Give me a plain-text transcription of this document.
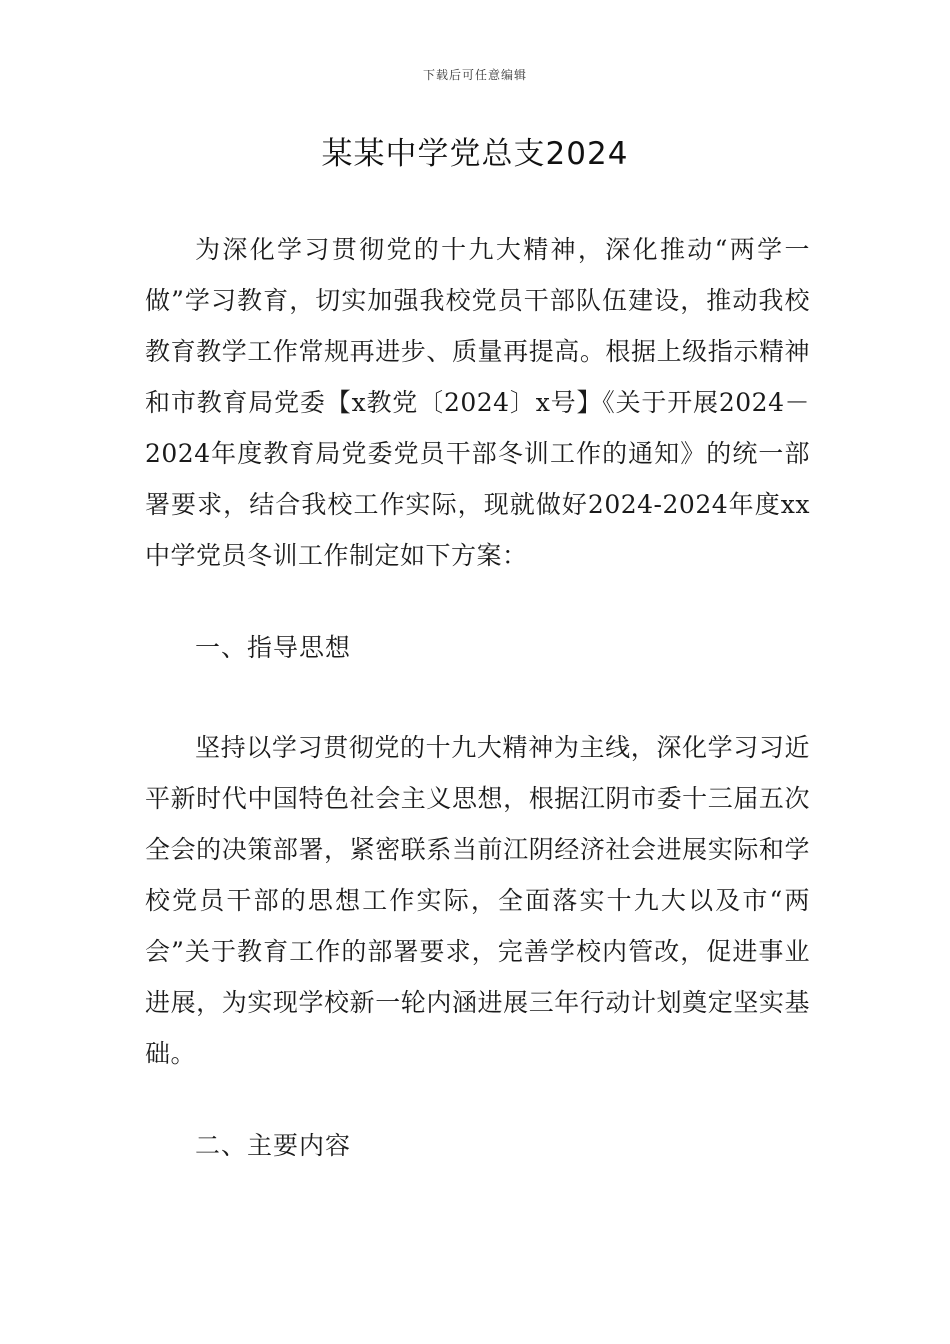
下载后可任意编辑
某某中学党总支2024

为深化学习贯彻党的十九大精神，深化推动“两学一做”学习教育，切实加强我校党员干部队伍建设，推动我校教育教学工作常规再进步、质量再提高。根据上级指示精神和市教育局党委【x教党〔2024〕x号】《关于开展2024－2024年度教育局党委党员干部冬训工作的通知》的统一部署要求，结合我校工作实际，现就做好2024-2024年度xx中学党员冬训工作制定如下方案：

一、指导思想

坚持以学习贯彻党的十九大精神为主线，深化学习习近平新时代中国特色社会主义思想，根据江阴市委十三届五次全会的决策部署，紧密联系当前江阴经济社会进展实际和学校党员干部的思想工作实际，全面落实十九大以及市“两会”关于教育工作的部署要求，完善学校内管改，促进事业进展，为实现学校新一轮内涵进展三年行动计划奠定坚实基础。

二、主要内容
